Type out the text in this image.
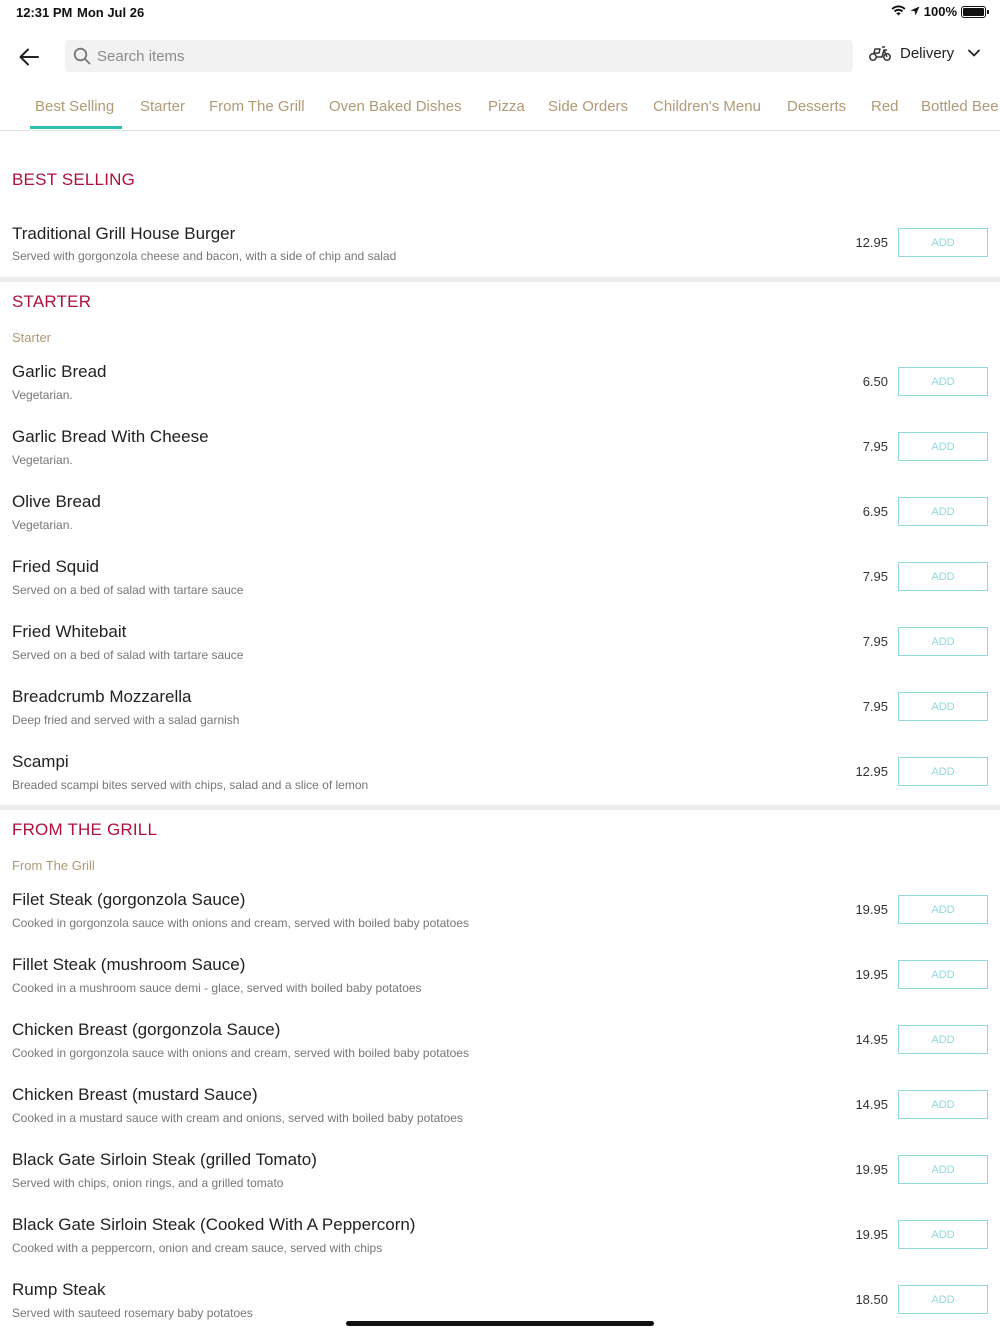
12:31 PM Mon Jul 26	100%
Search items
Delivery
Best Selling Starter From The Grill Oven Baked Dishes Pizza Side Orders Children's Menu Desserts Red Bottled Bee
BEST SELLING
Traditional Grill House Burger
Served with gorgonzola cheese and bacon, with a side of chip and salad
12.95	ADD
STARTER
Starter
Garlic Bread
Vegetarian.
6.50	ADD
Garlic Bread With Cheese
Vegetarian.
7.95	ADD
Olive Bread
Vegetarian.
6.95	ADD
Fried Squid
Served on a bed of salad with tartare sauce
7.95	ADD
Fried Whitebait
Served on a bed of salad with tartare sauce
7.95	ADD
Breadcrumb Mozzarella
Deep fried and served with a salad garnish
7.95	ADD
Scampi
Breaded scampi bites served with chips, salad and a slice of lemon
12.95	ADD
FROM THE GRILL
From The Grill
Filet Steak (gorgonzola Sauce)
Cooked in gorgonzola sauce with onions and cream, served with boiled baby potatoes
19.95	ADD
Fillet Steak (mushroom Sauce)
Cooked in a mushroom sauce demi - glace, served with boiled baby potatoes
19.95	ADD
Chicken Breast (gorgonzola Sauce)
Cooked in gorgonzola sauce with onions and cream, served with boiled baby potatoes
14.95	ADD
Chicken Breast (mustard Sauce)
Cooked in a mustard sauce with cream and onions, served with boiled baby potatoes
14.95	ADD
Black Gate Sirloin Steak (grilled Tomato)
Served with chips, onion rings, and a grilled tomato
19.95	ADD
Black Gate Sirloin Steak (Cooked With A Peppercorn)
Cooked with a peppercorn, onion and cream sauce, served with chips
19.95	ADD
Rump Steak
Served with sauteed rosemary baby potatoes
18.50	ADD
